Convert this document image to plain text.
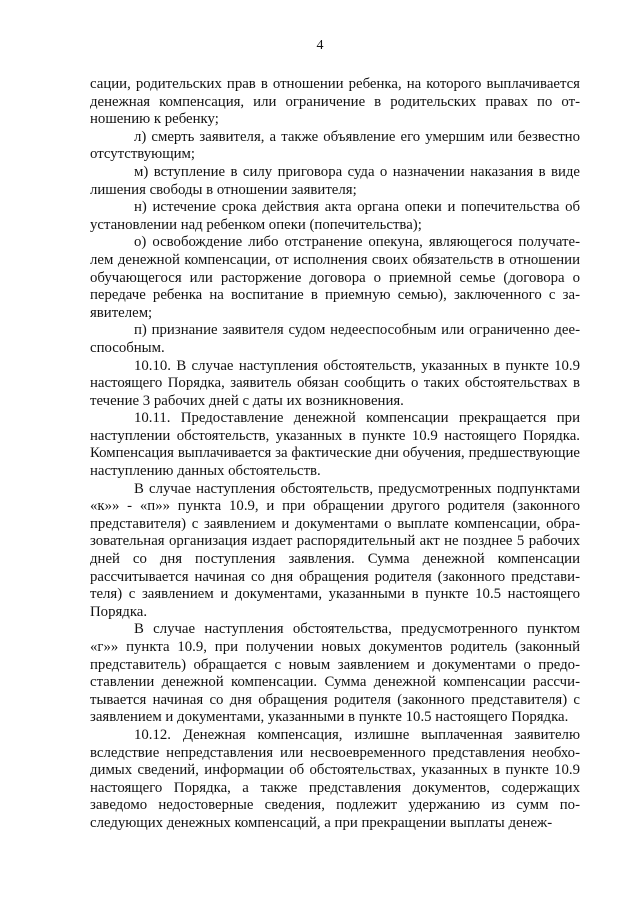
4

сации, родительских прав в отношении ребенка, на которого выплачивается денежная компенсация, или ограничение в родительских правах по отношению к ребенку;

л) смерть заявителя, а также объявление его умершим или безвестно отсутствующим;

м) вступление в силу приговора суда о назначении наказания в виде лишения свободы в отношении заявителя;

н) истечение срока действия акта органа опеки и попечительства об установлении над ребенком опеки (попечительства);

о) освобождение либо отстранение опекуна, являющегося получателем денежной компенсации, от исполнения своих обязательств в отношении обучающегося или расторжение договора о приемной семье (договора о передаче ребенка на воспитание в приемную семью), заключенного с заявителем;

п) признание заявителя судом недееспособным или ограниченно дееспособным.

10.10. В случае наступления обстоятельств, указанных в пункте 10.9 настоящего Порядка, заявитель обязан сообщить о таких обстоятельствах в течение 3 рабочих дней с даты их возникновения.

10.11. Предоставление денежной компенсации прекращается при наступлении обстоятельств, указанных в пункте 10.9 настоящего Порядка. Компенсация выплачивается за фактические дни обучения, предшествующие наступлению данных обстоятельств.

В случае наступления обстоятельств, предусмотренных подпунктами «к»» - «п»» пункта 10.9, и при обращении другого родителя (законного представителя) с заявлением и документами о выплате компенсации, образовательная организация издает распорядительный акт не позднее 5 рабочих дней со дня поступления заявления. Сумма денежной компенсации рассчитывается начиная со дня обращения родителя (законного представителя) с заявлением и документами, указанными в пункте 10.5 настоящего Порядка.

В случае наступления обстоятельства, предусмотренного пунктом «г»» пункта 10.9, при получении новых документов родитель (законный представитель) обращается с новым заявлением и документами о предоставлении денежной компенсации. Сумма денежной компенсации рассчитывается начиная со дня обращения родителя (законного представителя) с заявлением и документами, указанными в пункте 10.5 настоящего Порядка.

10.12. Денежная компенсация, излишне выплаченная заявителю вследствие непредставления или несвоевременного представления необходимых сведений, информации об обстоятельствах, указанных в пункте 10.9 настоящего Порядка, а также представления документов, содержащих заведомо недостоверные сведения, подлежит удержанию из сумм последующих денежных компенсаций, а при прекращении выплаты денеж-
